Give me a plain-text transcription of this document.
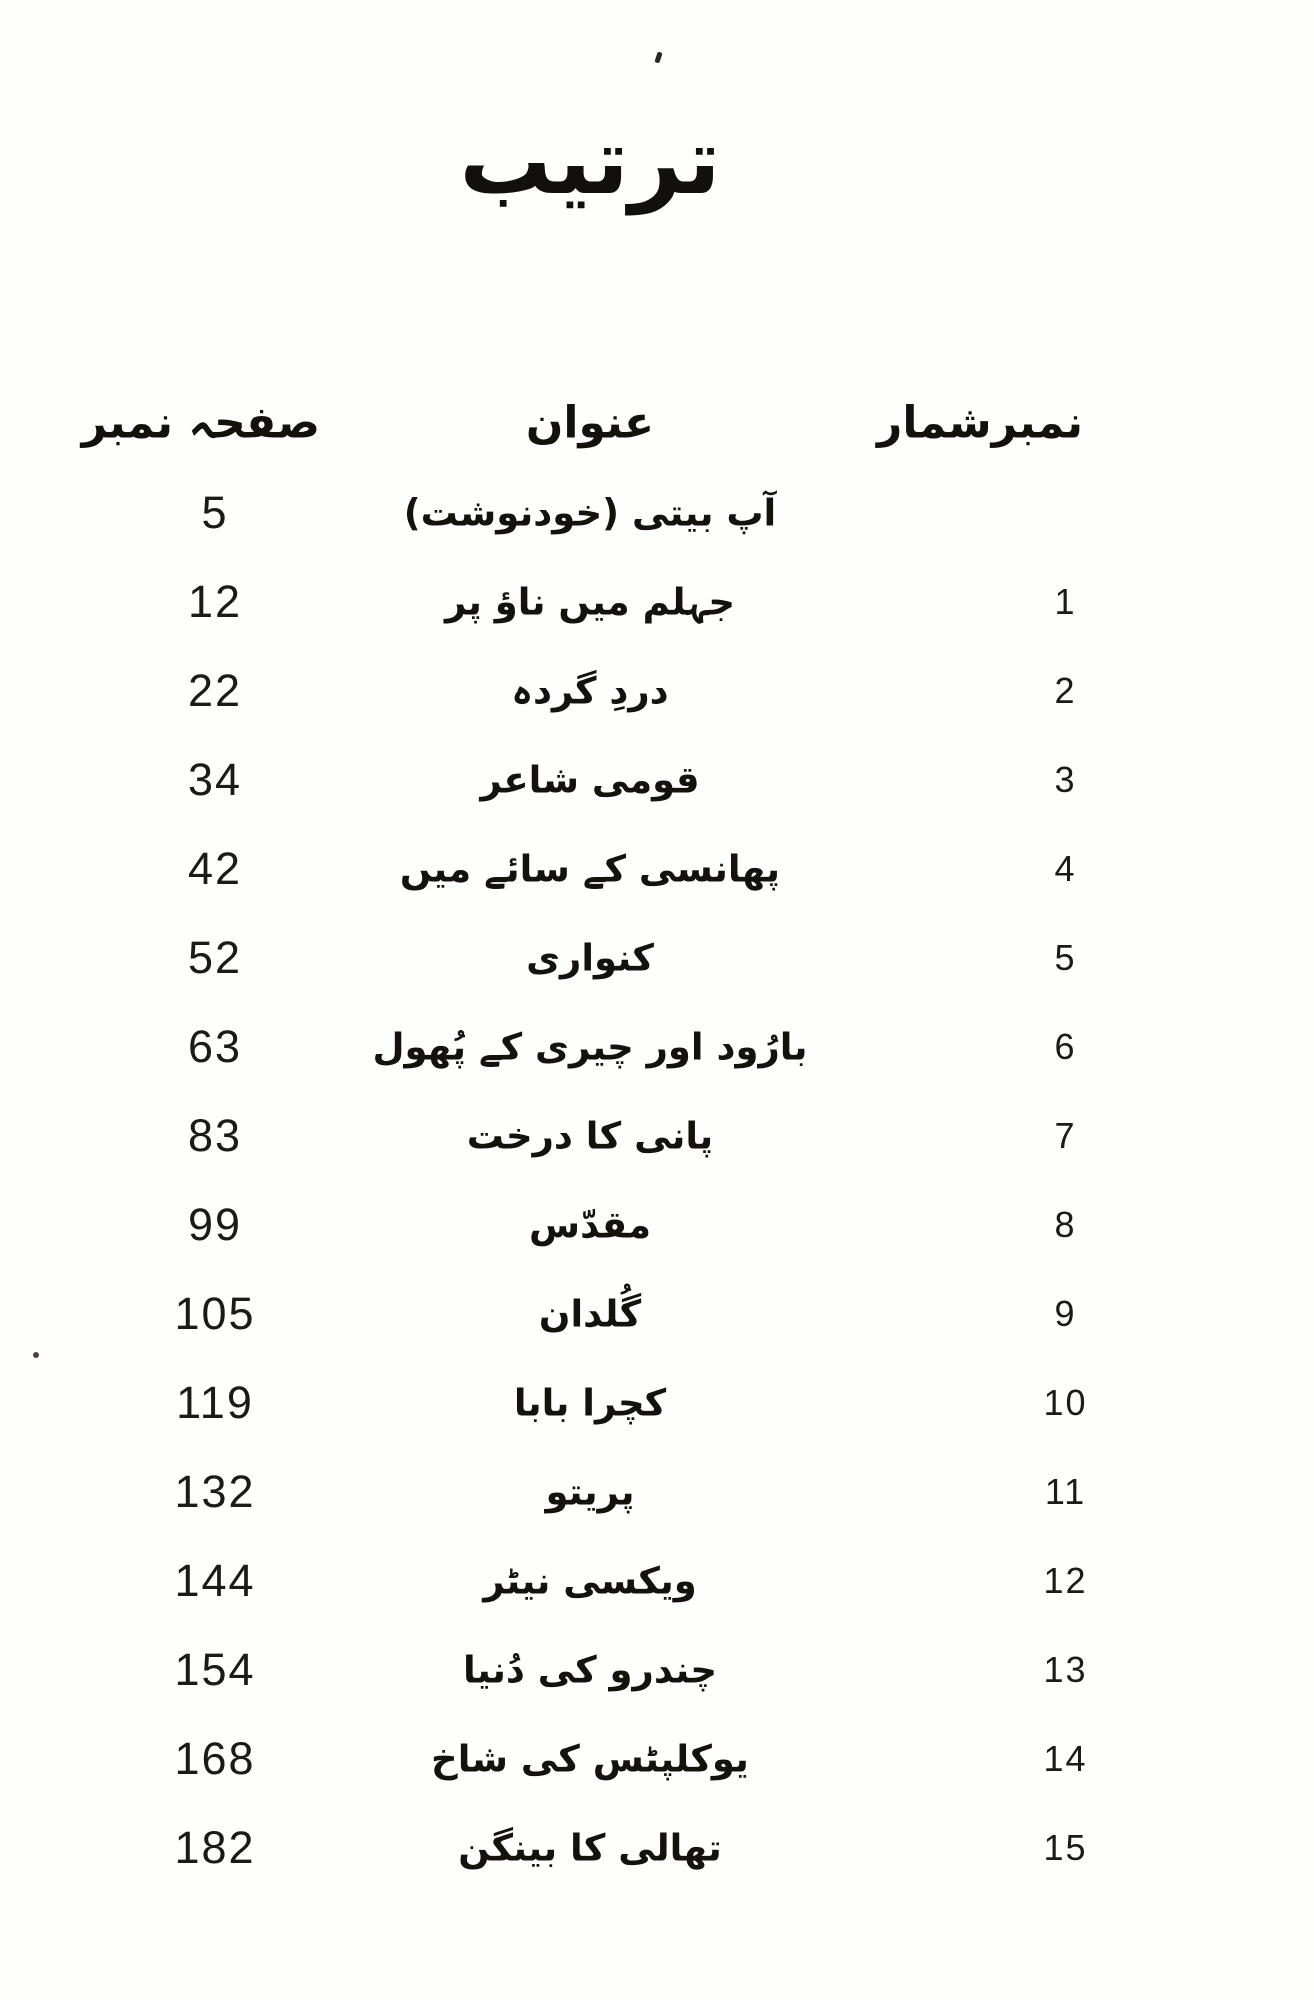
ترتیب
صفحہ نمبر	عنوان	نمبرشمار
5	آپ بیتی (خودنوشت)
12	جہلم میں ناؤ پر	1
22	دردِ گردہ	2
34	قومی شاعر	3
42	پھانسی کے سائے میں	4
52	کنواری	5
63	بارُود اور چیری کے پُھول	6
83	پانی کا درخت	7
99	مقدّس	8
105	گُلدان	9
119	کچرا بابا	10
132	پریتو	11
144	ویکسی نیٹر	12
154	چندرو کی دُنیا	13
168	یوکلپٹس کی شاخ	14
182	تھالی کا بینگن	15
